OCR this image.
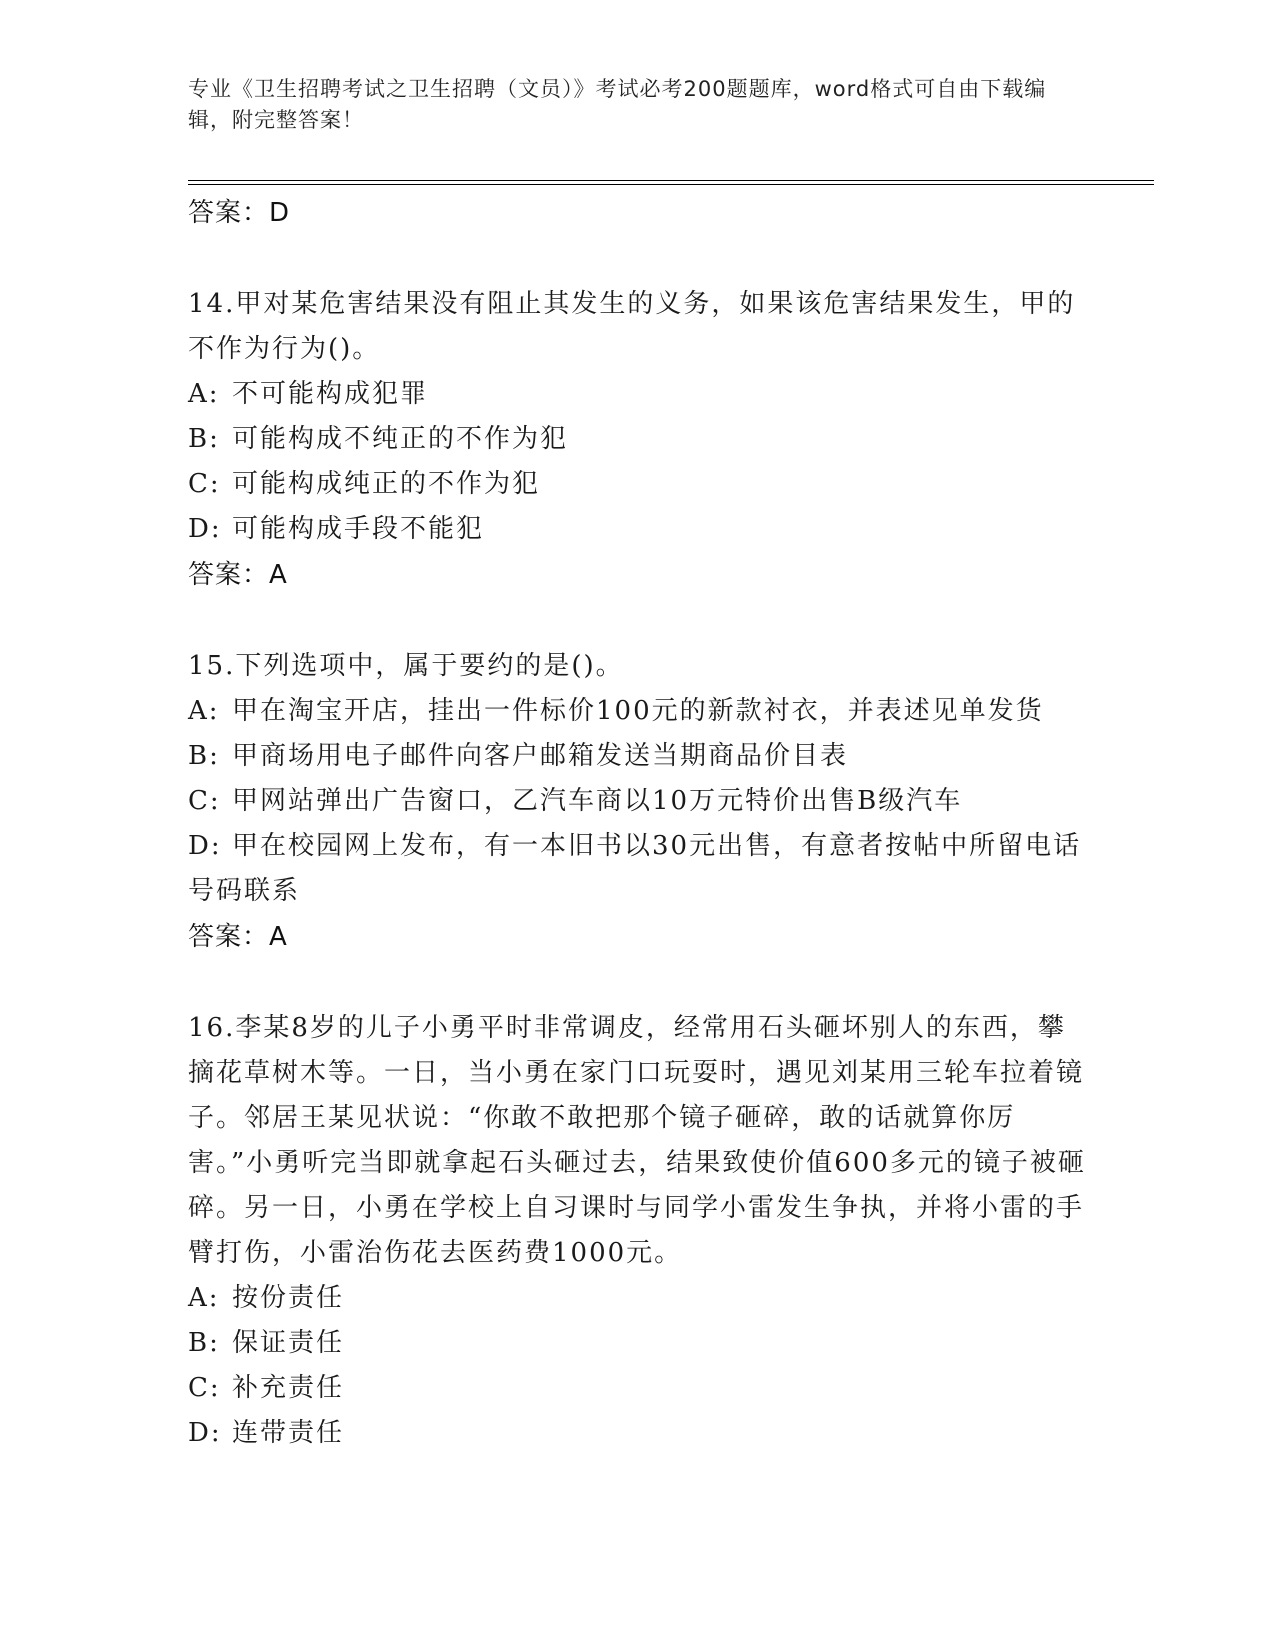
专业《卫生招聘考试之卫生招聘（文员）》考试必考200题题库，word格式可自由下载编辑，附完整答案！
答案：D
14.甲对某危害结果没有阻止其发生的义务，如果该危害结果发生，甲的不作为行为()。
A: 不可能构成犯罪
B: 可能构成不纯正的不作为犯
C: 可能构成纯正的不作为犯
D: 可能构成手段不能犯
答案：A
15.下列选项中，属于要约的是()。
A: 甲在淘宝开店，挂出一件标价100元的新款衬衣，并表述见单发货
B: 甲商场用电子邮件向客户邮箱发送当期商品价目表
C: 甲网站弹出广告窗口，乙汽车商以10万元特价出售B级汽车
D: 甲在校园网上发布，有一本旧书以30元出售，有意者按帖中所留电话号码联系
答案：A
16.李某8岁的儿子小勇平时非常调皮，经常用石头砸坏别人的东西，攀摘花草树木等。一日，当小勇在家门口玩耍时，遇见刘某用三轮车拉着镜子。邻居王某见状说：“你敢不敢把那个镜子砸碎，敢的话就算你厉害。”小勇听完当即就拿起石头砸过去，结果致使价值600多元的镜子被砸碎。另一日，小勇在学校上自习课时与同学小雷发生争执，并将小雷的手臂打伤，小雷治伤花去医药费1000元。
A: 按份责任
B: 保证责任
C: 补充责任
D: 连带责任
